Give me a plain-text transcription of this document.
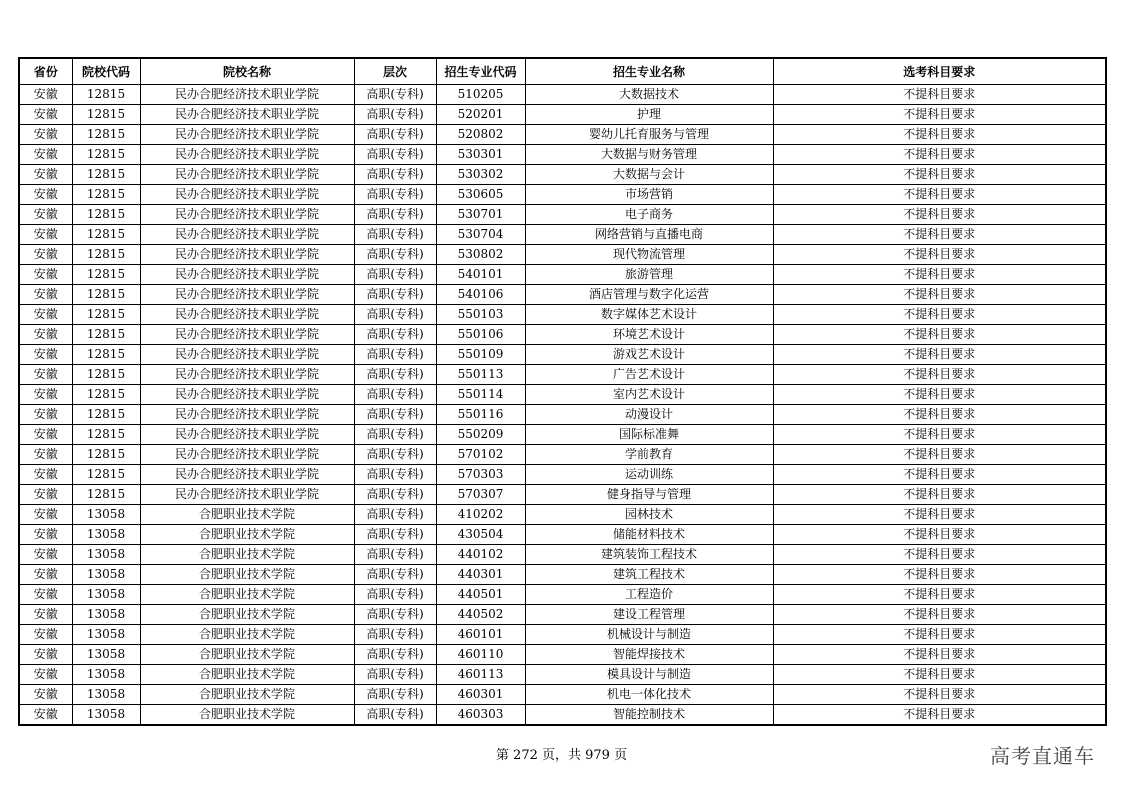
省份	院校代码	院校名称	层次	招生专业代码	招生专业名称	选考科目要求
安徽	12815	民办合肥经济技术职业学院	高职(专科)	510205	大数据技术	不提科目要求
安徽	12815	民办合肥经济技术职业学院	高职(专科)	520201	护理	不提科目要求
安徽	12815	民办合肥经济技术职业学院	高职(专科)	520802	婴幼儿托育服务与管理	不提科目要求
安徽	12815	民办合肥经济技术职业学院	高职(专科)	530301	大数据与财务管理	不提科目要求
安徽	12815	民办合肥经济技术职业学院	高职(专科)	530302	大数据与会计	不提科目要求
安徽	12815	民办合肥经济技术职业学院	高职(专科)	530605	市场营销	不提科目要求
安徽	12815	民办合肥经济技术职业学院	高职(专科)	530701	电子商务	不提科目要求
安徽	12815	民办合肥经济技术职业学院	高职(专科)	530704	网络营销与直播电商	不提科目要求
安徽	12815	民办合肥经济技术职业学院	高职(专科)	530802	现代物流管理	不提科目要求
安徽	12815	民办合肥经济技术职业学院	高职(专科)	540101	旅游管理	不提科目要求
安徽	12815	民办合肥经济技术职业学院	高职(专科)	540106	酒店管理与数字化运营	不提科目要求
安徽	12815	民办合肥经济技术职业学院	高职(专科)	550103	数字媒体艺术设计	不提科目要求
安徽	12815	民办合肥经济技术职业学院	高职(专科)	550106	环境艺术设计	不提科目要求
安徽	12815	民办合肥经济技术职业学院	高职(专科)	550109	游戏艺术设计	不提科目要求
安徽	12815	民办合肥经济技术职业学院	高职(专科)	550113	广告艺术设计	不提科目要求
安徽	12815	民办合肥经济技术职业学院	高职(专科)	550114	室内艺术设计	不提科目要求
安徽	12815	民办合肥经济技术职业学院	高职(专科)	550116	动漫设计	不提科目要求
安徽	12815	民办合肥经济技术职业学院	高职(专科)	550209	国际标准舞	不提科目要求
安徽	12815	民办合肥经济技术职业学院	高职(专科)	570102	学前教育	不提科目要求
安徽	12815	民办合肥经济技术职业学院	高职(专科)	570303	运动训练	不提科目要求
安徽	12815	民办合肥经济技术职业学院	高职(专科)	570307	健身指导与管理	不提科目要求
安徽	13058	合肥职业技术学院	高职(专科)	410202	园林技术	不提科目要求
安徽	13058	合肥职业技术学院	高职(专科)	430504	储能材料技术	不提科目要求
安徽	13058	合肥职业技术学院	高职(专科)	440102	建筑装饰工程技术	不提科目要求
安徽	13058	合肥职业技术学院	高职(专科)	440301	建筑工程技术	不提科目要求
安徽	13058	合肥职业技术学院	高职(专科)	440501	工程造价	不提科目要求
安徽	13058	合肥职业技术学院	高职(专科)	440502	建设工程管理	不提科目要求
安徽	13058	合肥职业技术学院	高职(专科)	460101	机械设计与制造	不提科目要求
安徽	13058	合肥职业技术学院	高职(专科)	460110	智能焊接技术	不提科目要求
安徽	13058	合肥职业技术学院	高职(专科)	460113	模具设计与制造	不提科目要求
安徽	13058	合肥职业技术学院	高职(专科)	460301	机电一体化技术	不提科目要求
安徽	13058	合肥职业技术学院	高职(专科)	460303	智能控制技术	不提科目要求
第 272 页，共 979 页	高考直通车
